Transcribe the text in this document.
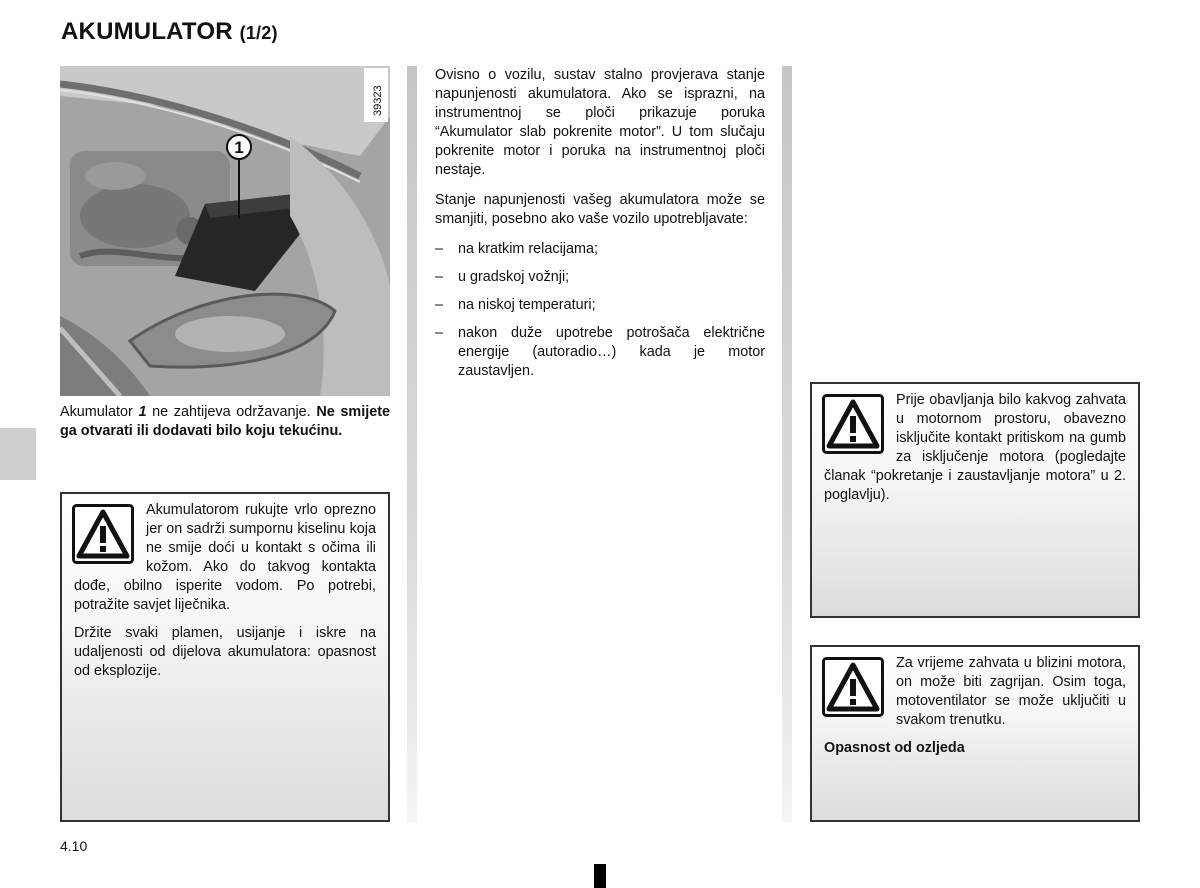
AKUMULATOR (1/2)
1
39323

Akumulator 1 ne zahtijeva održavanje. Ne smijete ga otvarati ili dodavati bilo koju tekućinu.

Akumulatorom rukujte vrlo oprezno jer on sadrži sumpornu kiselinu koja ne smije doći u kontakt s očima ili kožom. Ako do takvog kontakta dođe, obilno isperite vodom. Po potrebi, potražite savjet liječnika.

Držite svaki plamen, usijanje i iskre na udaljenosti od dijelova akumulatora: opasnost od eksplozije.

Ovisno o vozilu, sustav stalno provjerava stanje napunjenosti akumulatora. Ako se isprazni, na instrumentnoj se ploči prikazuje poruka “Akumulator slab pokrenite motor”. U tom slučaju pokrenite motor i poruka na instrumentnoj ploči nestaje.

Stanje napunjenosti vašeg akumulatora može se smanjiti, posebno ako vaše vozilo upotrebljavate:

– na kratkim relacijama;
– u gradskoj vožnji;
– na niskoj temperaturi;
– nakon duže upotrebe potrošača električne energije (autoradio…) kada je motor zaustavljen.

Prije obavljanja bilo kakvog zahvata u motornom prostoru, obavezno isključite kontakt pritiskom na gumb za isključenje motora (pogledajte članak “pokretanje i zaustavljanje motora” u 2. poglavlju).

Za vrijeme zahvata u blizini motora, on može biti zagrijan. Osim toga, motoventilator se može uključiti u svakom trenutku.

Opasnost od ozljeda

4.10
